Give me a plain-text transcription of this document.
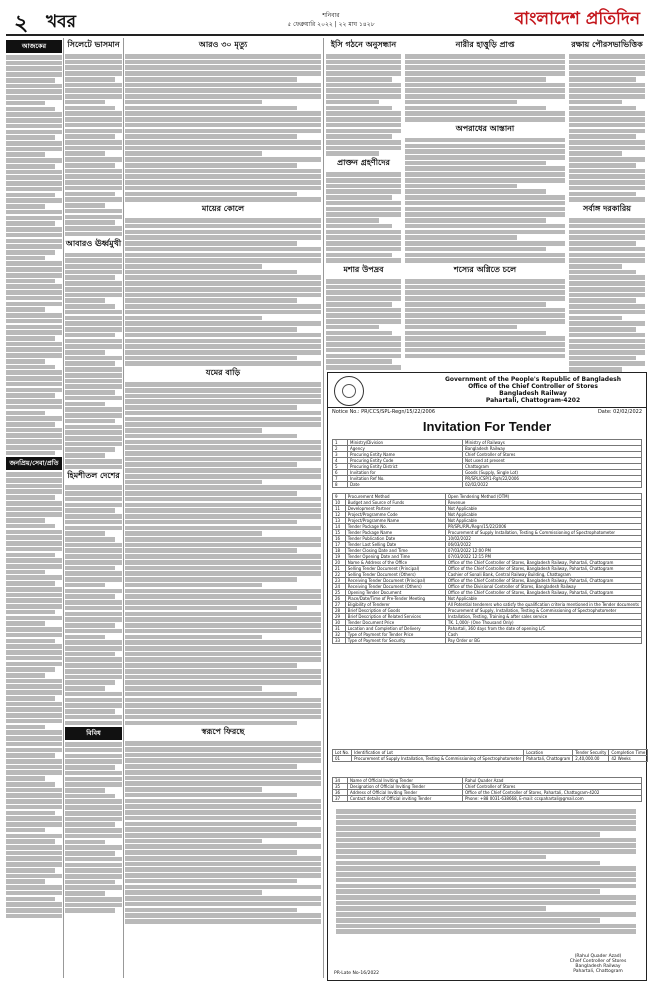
২ খবর	শনিবার
৫ ফেব্রুয়ারি ২০২২ | ২২ মাঘ ১৪২৮	বাংলাদেশ প্রতিদিন
আজকের
জনপ্রিয়/সেবা/প্রতি
সিলেটে ভাসমান
আবারও ঊর্ধ্বমুখী
হিমশীতল দেশের
বিবিধ
আরও ৩০ মৃত্যু
মায়ের কোলে
যমের বাড়ি
স্বরূপে ফিরছে
ইসি গঠনে অনুসন্ধান
প্রাক্তন গ্রহণীদের
মশার উপদ্রব
নারীর হাত্তুড়ি প্রাপ্ত
অপরাধের আস্তানা
শস্যের অগ্নিতে চলে
রক্ষায় পৌরসভাভিত্তিক
সর্বাঙ্গ দরকারিয়
Government of the People's Republic of Bangladesh
Office of the Chief Controller of Stores
Bangladesh Railway
Pahartali, Chattogram-4202
Notice No.: PR/CCS/SPL-Regn/15/22/2006	Date: 02/02/2022
Invitation For Tender
1	Ministry/Division	Ministry of Railways
2	Agency	Bangladesh Railway
3	Procuring Entity Name	Chief Controller of Stores
4	Procuring Entity Code	Not used at present
5	Procuring Entity District	Chattogram
6	Invitation for	Goods (Supply, Single Lot)
7	Invitation Ref No.	PR/SPL/CSP/1-Rgh/22/2006
8	Date	02/02/2022
9	Procurement Method	Open Tendering Method (OTM)
10	Budget and Source of Funds	Revenue
11	Development Partner	Not Applicable
12	Project/Programme Code	Not Applicable
13	Project/Programme Name	Not Applicable
14	Tender Package No.	PR/SPL/RPL/Regn/15/22/2006
15	Tender Package Name	Procurement of Supply Installation, Testing & Commissioning of Spectrophotometer
16	Tender Publication Date	10/02/2022
17	Tender Last Selling Date	06/03/2022
18	Tender Closing Date and Time	07/03/2022 12:00 PM
19	Tender Opening Date and Time	07/03/2022 12:15 PM
20	Name & Address of the Office	Office of the Chief Controller of Stores, Bangladesh Railway, Pahartali, Chattogram
21	Selling Tender Document (Principal)	Office of the Chief Controller of Stores, Bangladesh Railway, Pahartali, Chattogram
22	Selling Tender Document (Others)	Cashier of Sonali Bank, Central Railway Building, Chattogram
23	Receiving Tender Document (Principal)	Office of the Chief Controller of Stores, Bangladesh Railway, Pahartali, Chattogram
24	Receiving Tender Document (Others)	Office of the Divisional Controller of Stores, Bangladesh Railway
25	Opening Tender Document	Office of the Chief Controller of Stores, Bangladesh Railway, Pahartali, Chattogram
26	Place/Date/Time of Pre-Tender Meeting	Not Applicable
27	Eligibility of Tenderer	All Potential tenderers who satisfy the qualification criteria mentioned in the Tender documents
28	Brief Description of Goods	Procurement of Supply, Installation, Testing & Commissioning of Spectrophotometer
29	Brief Description of Related Services	Installation, Testing, Training & after sales service
30	Tender Document Price	TK. 1,000/- (One Thousand Only)
31	Location and Completion of Delivery	Pahartali, 360 days from the date of opening L/C
32	Type of Payment for Tender Price	Cash
33	Type of Payment for Security	Pay Order or BG
Lot No.	Identification of Lot	Location	Tender Security	Completion Time
01	Procurement of Supply Installation, Testing & Commissioning of Spectrophotometer	Pahartali, Chattogram	2,40,000.00	42 Weeks
34	Name of Official Inviting Tender	Rahul Quader Azad
35	Designation of Official Inviting Tender	Chief Controller of Stores
36	Address of Official Inviting Tender	Office of the Chief Controller of Stores, Pahartali, Chattogram-4202
37	Contact details of Official inviting Tender	Phone: +88 0031-638668, E-mail: ccspahartali@gmail.com
(Rahul Quader Azad)
Chief Controller of Stores
Bangladesh Railway
Pahartali, Chattogram
PR-Late No-16/2022
